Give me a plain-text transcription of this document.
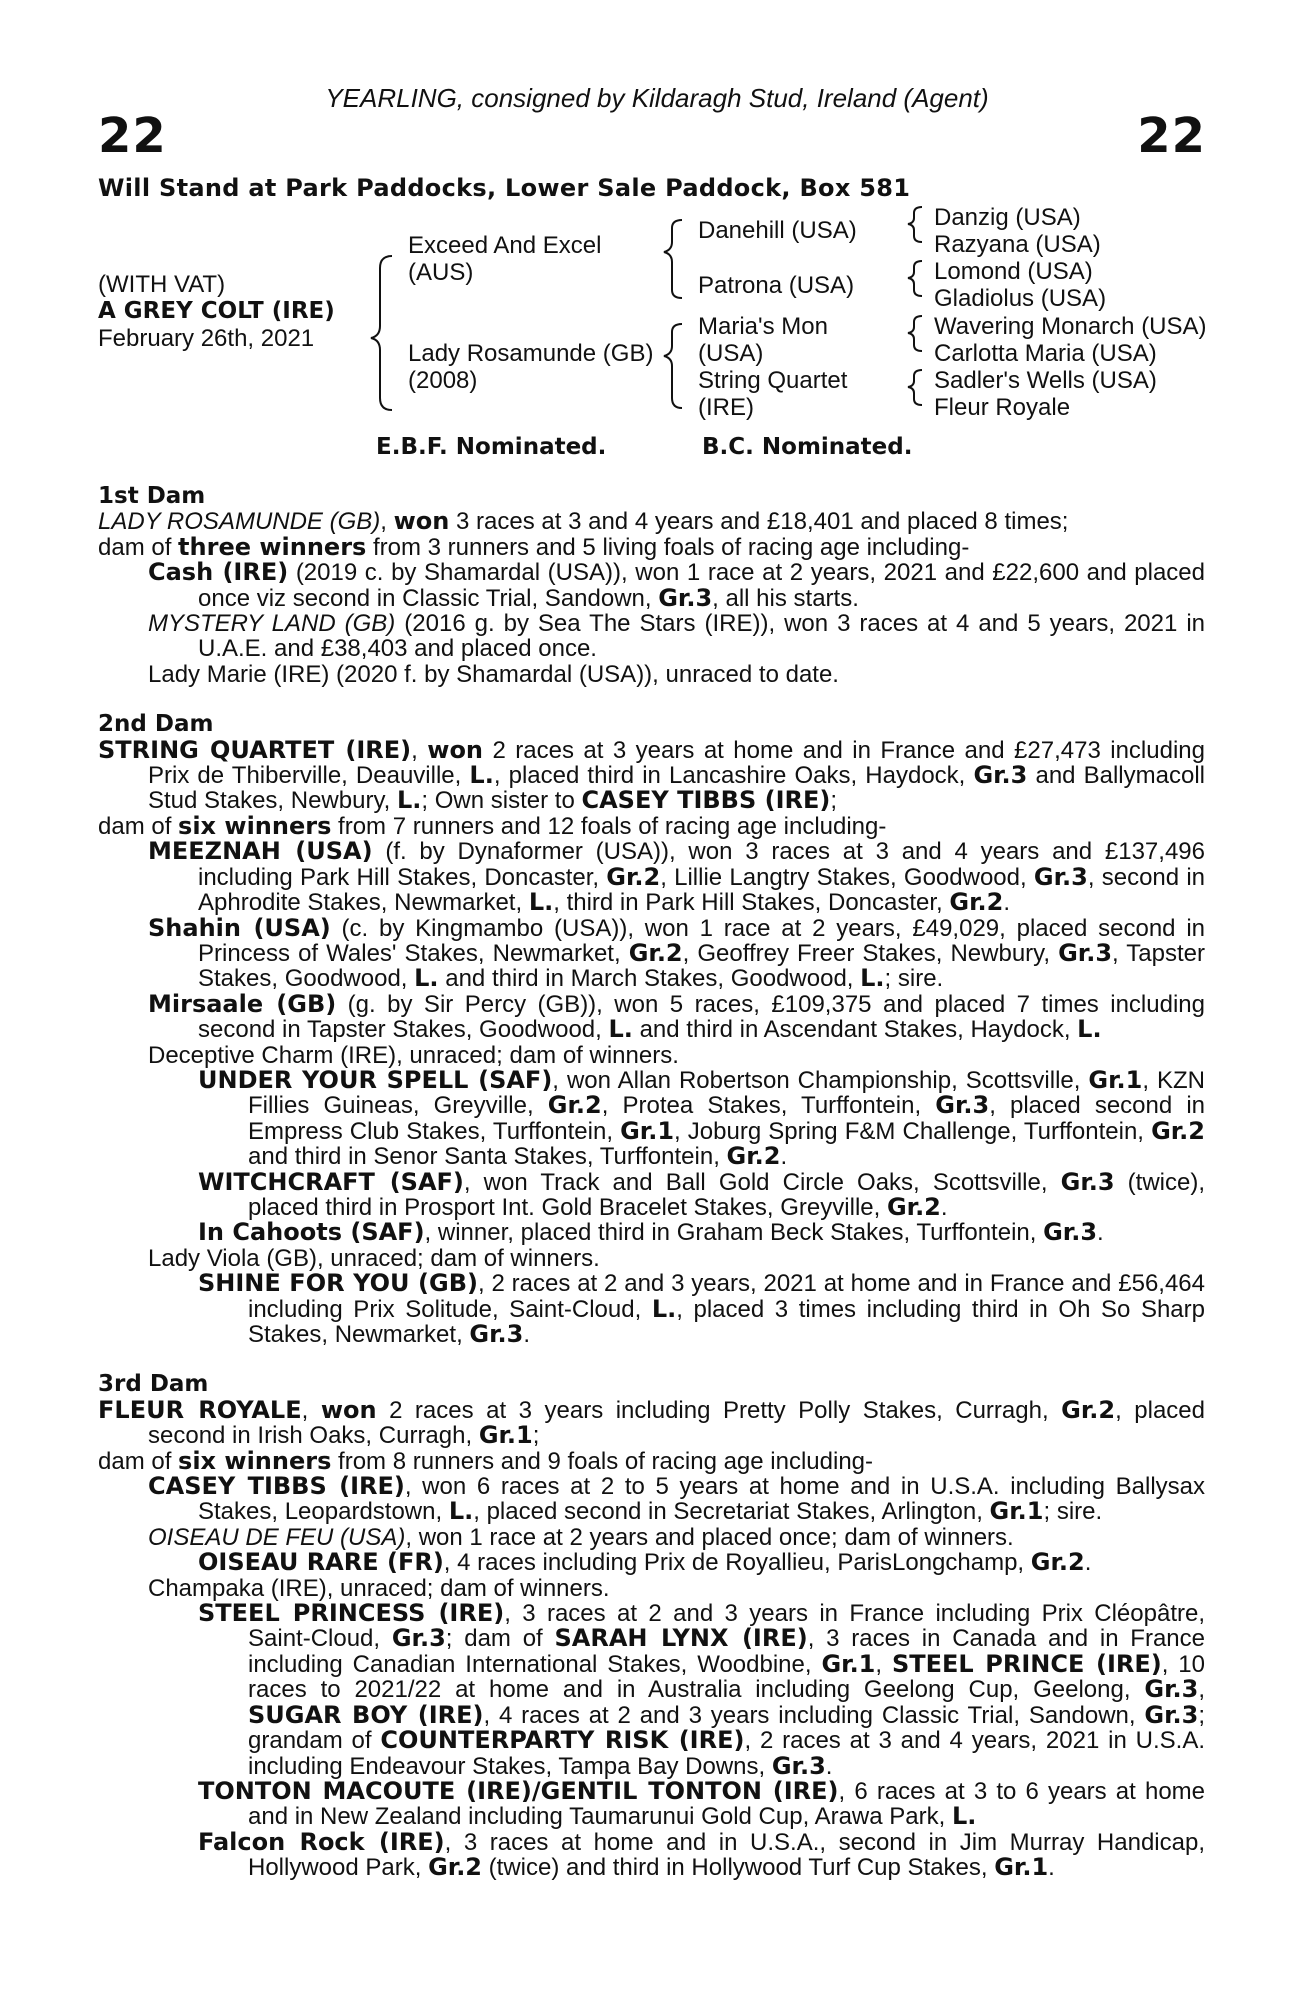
22	22
YEARLING, consigned by Kildaragh Stud, Ireland (Agent)
Will Stand at Park Paddocks, Lower Sale Paddock, Box 581
(WITH VAT)
A GREY COLT (IRE)
February 26th, 2021
Exceed And Excel
(AUS)
Lady Rosamunde (GB)
(2008)
Danehill (USA)
Patrona (USA)
Maria's Mon
(USA)
String Quartet
(IRE)
Danzig (USA)
Razyana (USA)
Lomond (USA)
Gladiolus (USA)
Wavering Monarch (USA)
Carlotta Maria (USA)
Sadler's Wells (USA)
Fleur Royale
E.B.F. Nominated.	B.C. Nominated.
1st Dam
LADY ROSAMUNDE (GB), won 3 races at 3 and 4 years and £18,401 and placed 8 times;
dam of three winners from 3 runners and 5 living foals of racing age including-
Cash (IRE) (2019 c. by Shamardal (USA)), won 1 race at 2 years, 2021 and £22,600 and placed once viz second in Classic Trial, Sandown, Gr.3, all his starts.
MYSTERY LAND (GB) (2016 g. by Sea The Stars (IRE)), won 3 races at 4 and 5 years, 2021 in U.A.E. and £38,403 and placed once.
Lady Marie (IRE) (2020 f. by Shamardal (USA)), unraced to date.
2nd Dam
STRING QUARTET (IRE), won 2 races at 3 years at home and in France and £27,473 including Prix de Thiberville, Deauville, L., placed third in Lancashire Oaks, Haydock, Gr.3 and Ballymacoll Stud Stakes, Newbury, L.; Own sister to CASEY TIBBS (IRE);
dam of six winners from 7 runners and 12 foals of racing age including-
MEEZNAH (USA) (f. by Dynaformer (USA)), won 3 races at 3 and 4 years and £137,496 including Park Hill Stakes, Doncaster, Gr.2, Lillie Langtry Stakes, Goodwood, Gr.3, second in Aphrodite Stakes, Newmarket, L., third in Park Hill Stakes, Doncaster, Gr.2.
Shahin (USA) (c. by Kingmambo (USA)), won 1 race at 2 years, £49,029, placed second in Princess of Wales' Stakes, Newmarket, Gr.2, Geoffrey Freer Stakes, Newbury, Gr.3, Tapster Stakes, Goodwood, L. and third in March Stakes, Goodwood, L.; sire.
Mirsaale (GB) (g. by Sir Percy (GB)), won 5 races, £109,375 and placed 7 times including second in Tapster Stakes, Goodwood, L. and third in Ascendant Stakes, Haydock, L.
Deceptive Charm (IRE), unraced; dam of winners.
UNDER YOUR SPELL (SAF), won Allan Robertson Championship, Scottsville, Gr.1, KZN Fillies Guineas, Greyville, Gr.2, Protea Stakes, Turffontein, Gr.3, placed second in Empress Club Stakes, Turffontein, Gr.1, Joburg Spring F&M Challenge, Turffontein, Gr.2 and third in Senor Santa Stakes, Turffontein, Gr.2.
WITCHCRAFT (SAF), won Track and Ball Gold Circle Oaks, Scottsville, Gr.3 (twice), placed third in Prosport Int. Gold Bracelet Stakes, Greyville, Gr.2.
In Cahoots (SAF), winner, placed third in Graham Beck Stakes, Turffontein, Gr.3.
Lady Viola (GB), unraced; dam of winners.
SHINE FOR YOU (GB), 2 races at 2 and 3 years, 2021 at home and in France and £56,464 including Prix Solitude, Saint-Cloud, L., placed 3 times including third in Oh So Sharp Stakes, Newmarket, Gr.3.
3rd Dam
FLEUR ROYALE, won 2 races at 3 years including Pretty Polly Stakes, Curragh, Gr.2, placed second in Irish Oaks, Curragh, Gr.1;
dam of six winners from 8 runners and 9 foals of racing age including-
CASEY TIBBS (IRE), won 6 races at 2 to 5 years at home and in U.S.A. including Ballysax Stakes, Leopardstown, L., placed second in Secretariat Stakes, Arlington, Gr.1; sire.
OISEAU DE FEU (USA), won 1 race at 2 years and placed once; dam of winners.
OISEAU RARE (FR), 4 races including Prix de Royallieu, ParisLongchamp, Gr.2.
Champaka (IRE), unraced; dam of winners.
STEEL PRINCESS (IRE), 3 races at 2 and 3 years in France including Prix Cléopâtre, Saint-Cloud, Gr.3; dam of SARAH LYNX (IRE), 3 races in Canada and in France including Canadian International Stakes, Woodbine, Gr.1, STEEL PRINCE (IRE), 10 races to 2021/22 at home and in Australia including Geelong Cup, Geelong, Gr.3, SUGAR BOY (IRE), 4 races at 2 and 3 years including Classic Trial, Sandown, Gr.3; grandam of COUNTERPARTY RISK (IRE), 2 races at 3 and 4 years, 2021 in U.S.A. including Endeavour Stakes, Tampa Bay Downs, Gr.3.
TONTON MACOUTE (IRE)/GENTIL TONTON (IRE), 6 races at 3 to 6 years at home and in New Zealand including Taumarunui Gold Cup, Arawa Park, L.
Falcon Rock (IRE), 3 races at home and in U.S.A., second in Jim Murray Handicap, Hollywood Park, Gr.2 (twice) and third in Hollywood Turf Cup Stakes, Gr.1.
